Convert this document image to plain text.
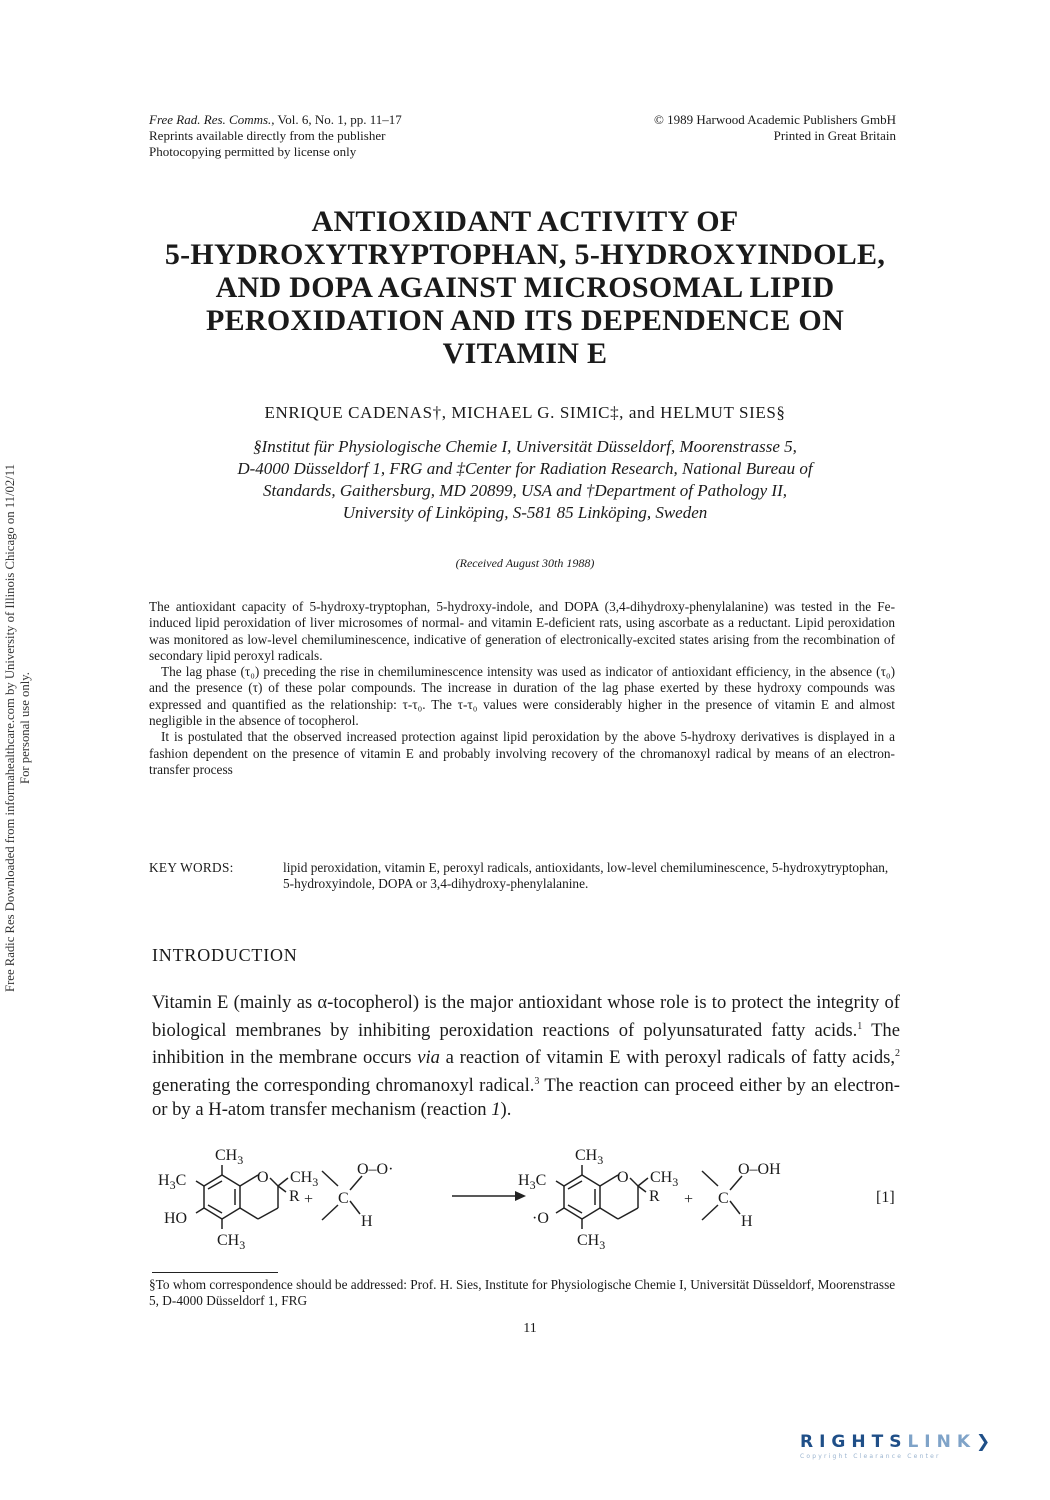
Free Rad. Res. Comms., Vol. 6, No. 1, pp. 11–17
Reprints available directly from the publisher
Photocopying permitted by license only
© 1989 Harwood Academic Publishers GmbH
Printed in Great Britain
ANTIOXIDANT ACTIVITY OF
5-HYDROXYTRYPTOPHAN, 5-HYDROXYINDOLE,
AND DOPA AGAINST MICROSOMAL LIPID
PEROXIDATION AND ITS DEPENDENCE ON
VITAMIN E
ENRIQUE CADENAS†, MICHAEL G. SIMIC‡, and HELMUT SIES§
§Institut für Physiologische Chemie I, Universität Düsseldorf, Moorenstrasse 5,
D-4000 Düsseldorf 1, FRG and ‡Center for Radiation Research, National Bureau of
Standards, Gaithersburg, MD 20899, USA and †Department of Pathology II,
University of Linköping, S-581 85 Linköping, Sweden
(Received August 30th 1988)

The antioxidant capacity of 5-hydroxy-tryptophan, 5-hydroxy-indole, and DOPA (3,4-dihydroxy-phenylalanine) was tested in the Fe-induced lipid peroxidation of liver microsomes of normal- and vitamin E-deficient rats, using ascorbate as a reductant. Lipid peroxidation was monitored as low-level chemiluminescence, indicative of generation of electronically-excited states arising from the recombination of secondary lipid peroxyl radicals.

The lag phase (τ₀) preceding the rise in chemiluminescence intensity was used as indicator of antioxidant efficiency, in the absence (τ₀) and the presence (τ) of these polar compounds. The increase in duration of the lag phase exerted by these hydroxy compounds was expressed and quantified as the relationship: τ-τ₀. The τ-τ₀ values were considerably higher in the presence of vitamin E and almost negligible in the absence of tocopherol.

It is postulated that the observed increased protection against lipid peroxidation by the above 5-hydroxy derivatives is displayed in a fashion dependent on the presence of vitamin E and probably involving recovery of the chromanoxyl radical by means of an electron-transfer process

KEY WORDS:	lipid peroxidation, vitamin E, peroxyl radicals, antioxidants, low-level chemiluminescence, 5-hydroxytryptophan, 5-hydroxyindole, DOPA or 3,4-dihydroxy-phenylalanine.
INTRODUCTION
Vitamin E (mainly as α-tocopherol) is the major antioxidant whose role is to protect the integrity of biological membranes by inhibiting peroxidation reactions of polyunsaturated fatty acids.$^1$ The inhibition in the membrane occurs via a reaction of vitamin E with peroxyl radicals of fatty acids,$^2$ generating the corresponding chromanoxyl radical.$^3$ The reaction can proceed either by an electron- or by a H-atom transfer mechanism (reaction 1).
$CH_3$
$H_3C$	O $CH_3$
R
HO
$CH_3$
+ C
O–O·
H
$CH_3$
$H_3C$	O $CH_3$
R
·O
$CH_3$
+ C
O–OH
H
[1]
§To whom correspondence should be addressed: Prof. H. Sies, Institute for Physiologische Chemie I, Universität Düsseldorf, Moorenstrasse 5, D-4000 Düsseldorf 1, FRG
11
Free Radic Res Downloaded from informahealthcare.com by University of Illinois Chicago on 11/02/11 For personal use only.
RIGHTSLINK❯
Copyright Clearance Center
